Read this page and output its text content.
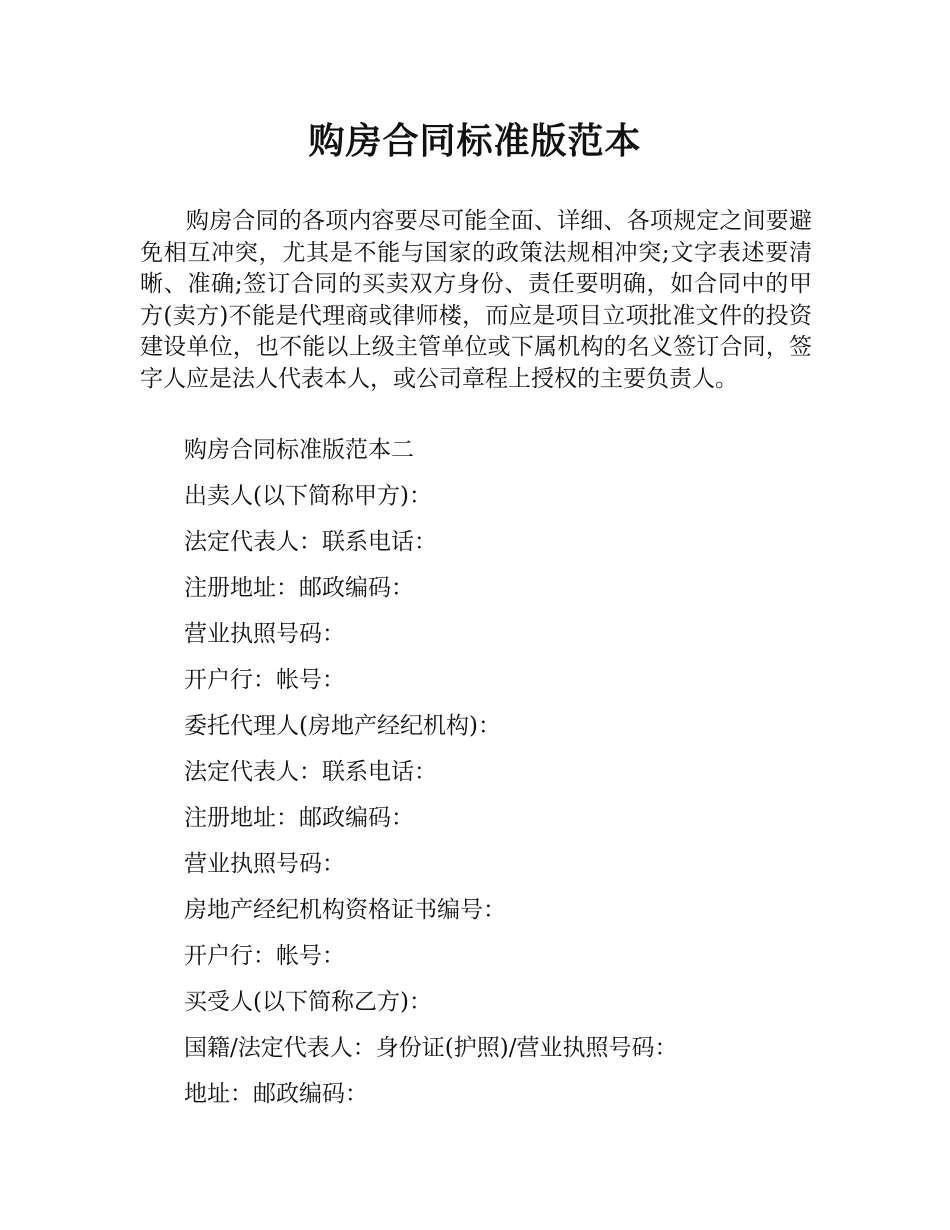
购房合同标准版范本

购房合同的各项内容要尽可能全面、详细、各项规定之间要避免相互冲突，尤其是不能与国家的政策法规相冲突;文字表述要清晰、准确;签订合同的买卖双方身份、责任要明确，如合同中的甲方(卖方)不能是代理商或律师楼，而应是项目立项批准文件的投资建设单位，也不能以上级主管单位或下属机构的名义签订合同，签字人应是法人代表本人，或公司章程上授权的主要负责人。

购房合同标准版范本二
出卖人(以下简称甲方)：
法定代表人：联系电话：
注册地址：邮政编码：
营业执照号码：
开户行：帐号：
委托代理人(房地产经纪机构)：
法定代表人：联系电话：
注册地址：邮政编码：
营业执照号码：
房地产经纪机构资格证书编号：
开户行：帐号：
买受人(以下简称乙方)：
国籍/法定代表人：身份证(护照)/营业执照号码：
地址：邮政编码：
